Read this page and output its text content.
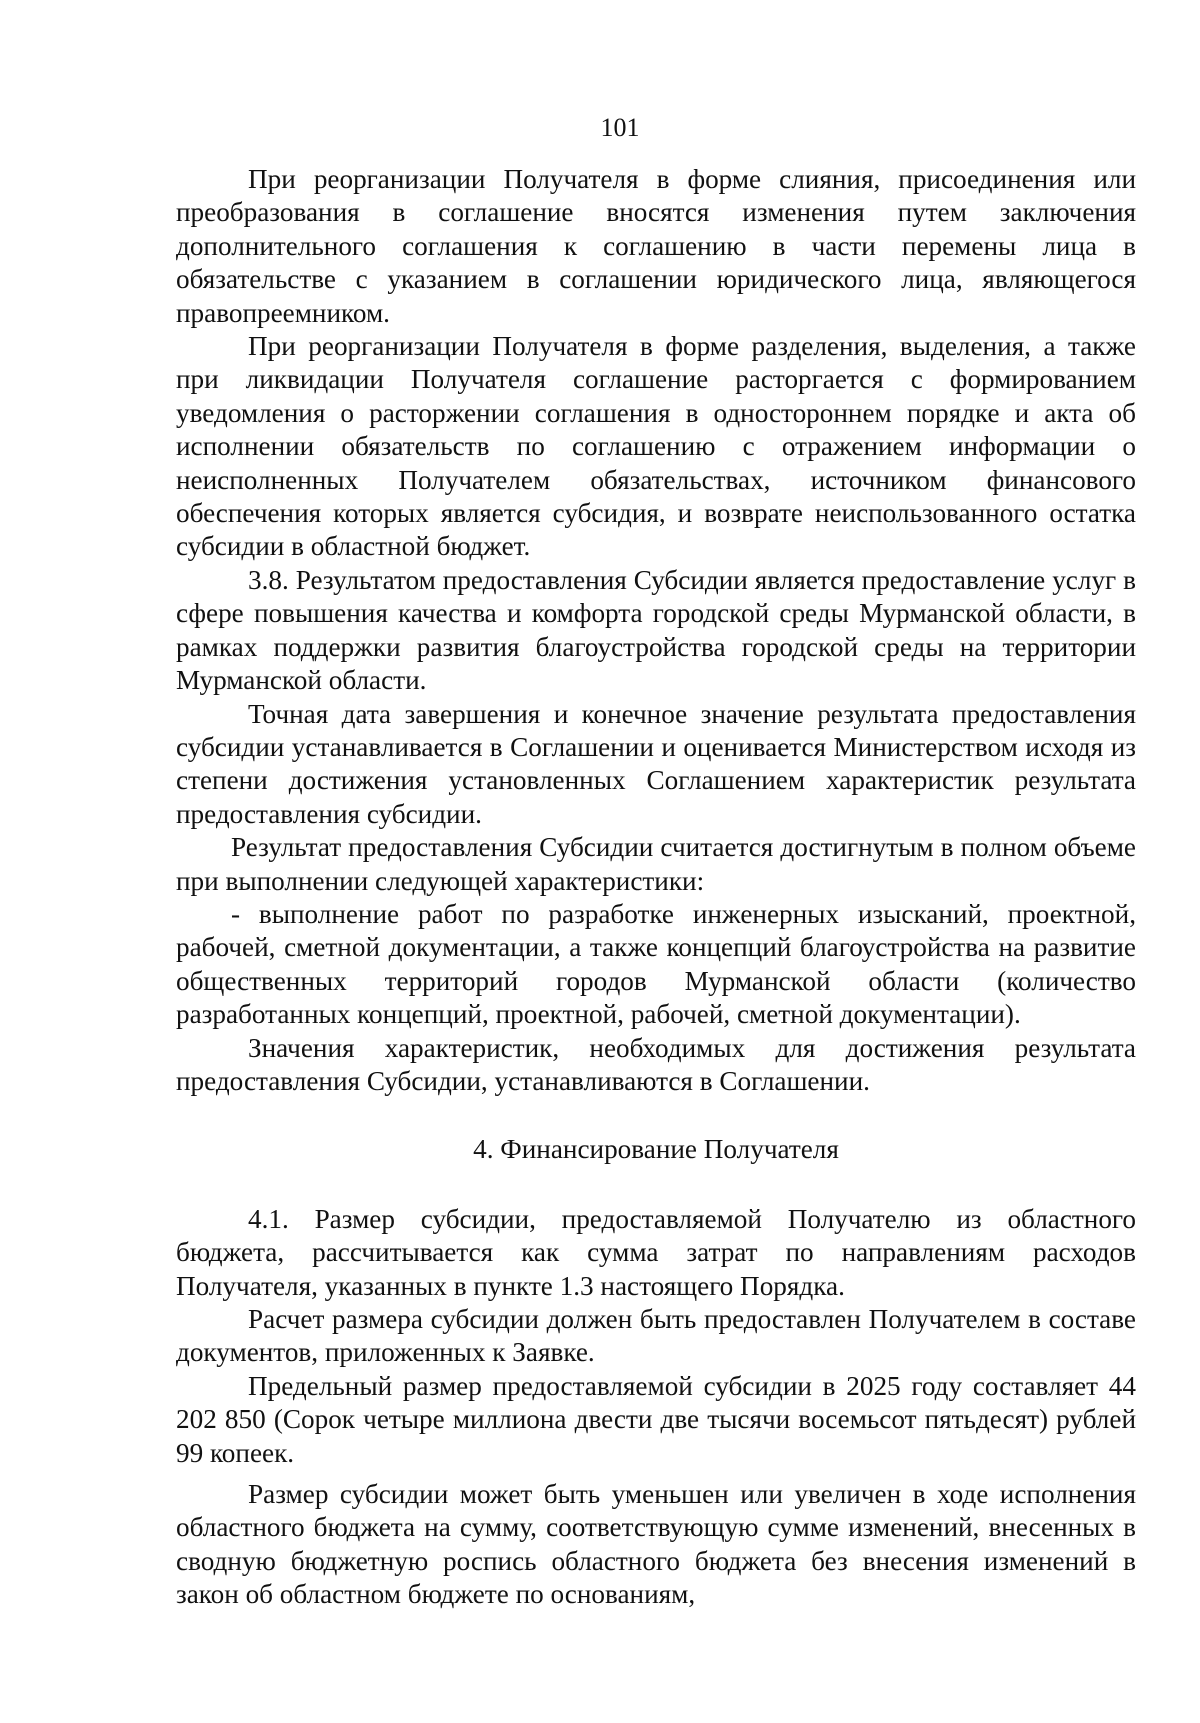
101

При реорганизации Получателя в форме слияния, присоединения или преобразования в соглашение вносятся изменения путем заключения дополнительного соглашения к соглашению в части перемены лица в обязательстве с указанием в соглашении юридического лица, являющегося правопреемником.

При реорганизации Получателя в форме разделения, выделения, а также при ликвидации Получателя соглашение расторгается с формированием уведомления о расторжении соглашения в одностороннем порядке и акта об исполнении обязательств по соглашению с отражением информации о неисполненных Получателем обязательствах, источником финансового обеспечения которых является субсидия, и возврате неиспользованного остатка субсидии в областной бюджет.

3.8. Результатом предоставления Субсидии является предоставление услуг в сфере повышения качества и комфорта городской среды Мурманской области, в рамках поддержки развития благоустройства городской среды на территории Мурманской области.

Точная дата завершения и конечное значение результата предоставления субсидии устанавливается в Соглашении и оценивается Министерством исходя из степени достижения установленных Соглашением характеристик результата предоставления субсидии.

Результат предоставления Субсидии считается достигнутым в полном объеме при выполнении следующей характеристики:

- выполнение работ по разработке инженерных изысканий, проектной, рабочей, сметной документации, а также концепций благоустройства на развитие общественных территорий городов Мурманской области (количество разработанных концепций, проектной, рабочей, сметной документации).

Значения характеристик, необходимых для достижения результата предоставления Субсидии, устанавливаются в Соглашении.

4. Финансирование Получателя

4.1. Размер субсидии, предоставляемой Получателю из областного бюджета, рассчитывается как сумма затрат по направлениям расходов Получателя, указанных в пункте 1.3 настоящего Порядка.

Расчет размера субсидии должен быть предоставлен Получателем в составе документов, приложенных к Заявке.

Предельный размер предоставляемой субсидии в 2025 году составляет 44 202 850 (Сорок четыре миллиона двести две тысячи восемьсот пятьдесят) рублей 99 копеек.

Размер субсидии может быть уменьшен или увеличен в ходе исполнения областного бюджета на сумму, соответствующую сумме изменений, внесенных в сводную бюджетную роспись областного бюджета без внесения изменений в закон об областном бюджете по основаниям,
